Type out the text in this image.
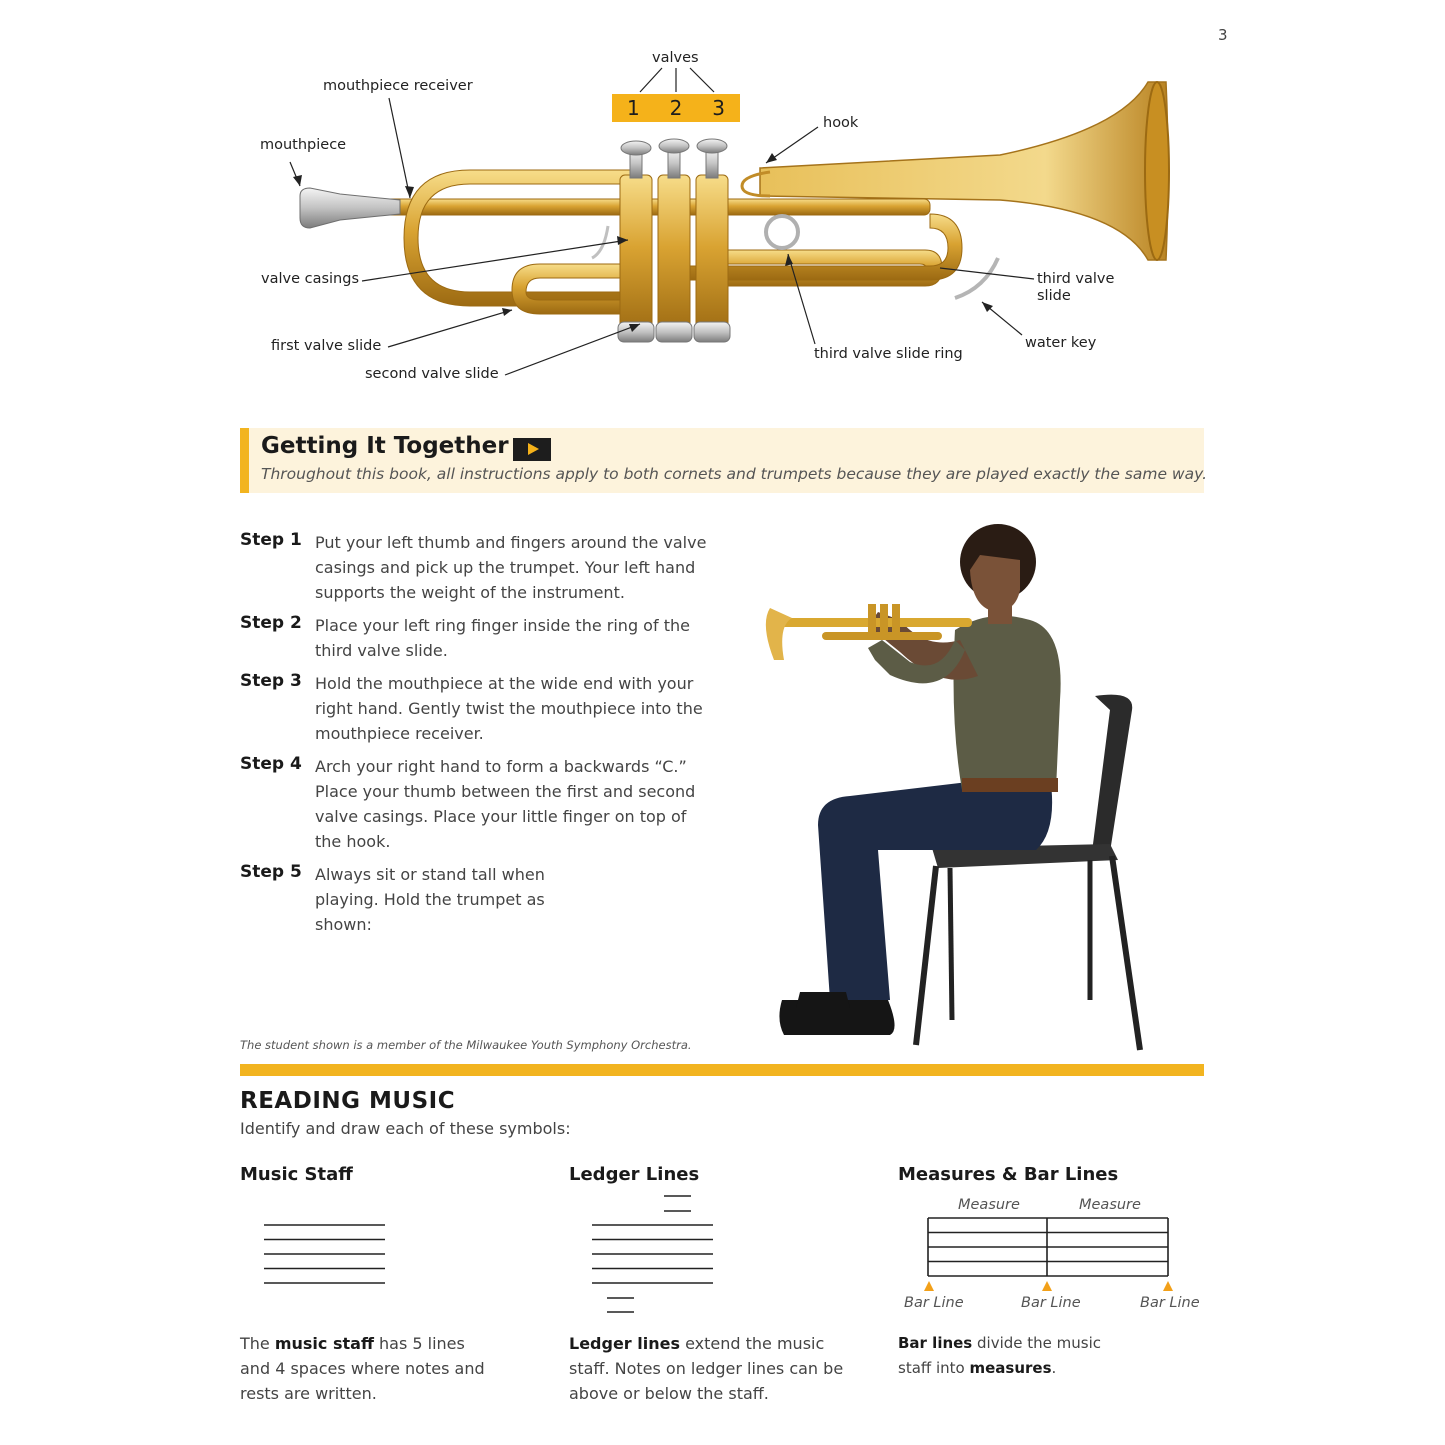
3
valves
1 2 3
mouthpiece receiver
mouthpiece
hook
valve casings	third valve
slide
first valve slide
second valve slide
third valve slide ring
water key
Getting It Together
Throughout this book, all instructions apply to both cornets and trumpets because they are played exactly the same way.
Step 1 Put your left thumb and fingers around the valve casings and pick up the trumpet. Your left hand supports the weight of the instrument.
Step 2 Place your left ring finger inside the ring of the third valve slide.
Step 3 Hold the mouthpiece at the wide end with your right hand. Gently twist the mouthpiece into the mouthpiece receiver.
Step 4 Arch your right hand to form a backwards “C.” Place your thumb between the first and second valve casings. Place your little finger on top of the hook.
Step 5 Always sit or stand tall when playing. Hold the trumpet as shown:
The student shown is a member of the Milwaukee Youth Symphony Orchestra.
READING MUSIC
Identify and draw each of these symbols:
Music Staff
The music staff has 5 lines and 4 spaces where notes and rests are written.
Ledger Lines
Ledger lines extend the music staff. Notes on ledger lines can be above or below the staff.
Measures & Bar Lines
Measure	Measure
Bar Line	Bar Line	Bar Line
Bar lines divide the music staff into measures.
